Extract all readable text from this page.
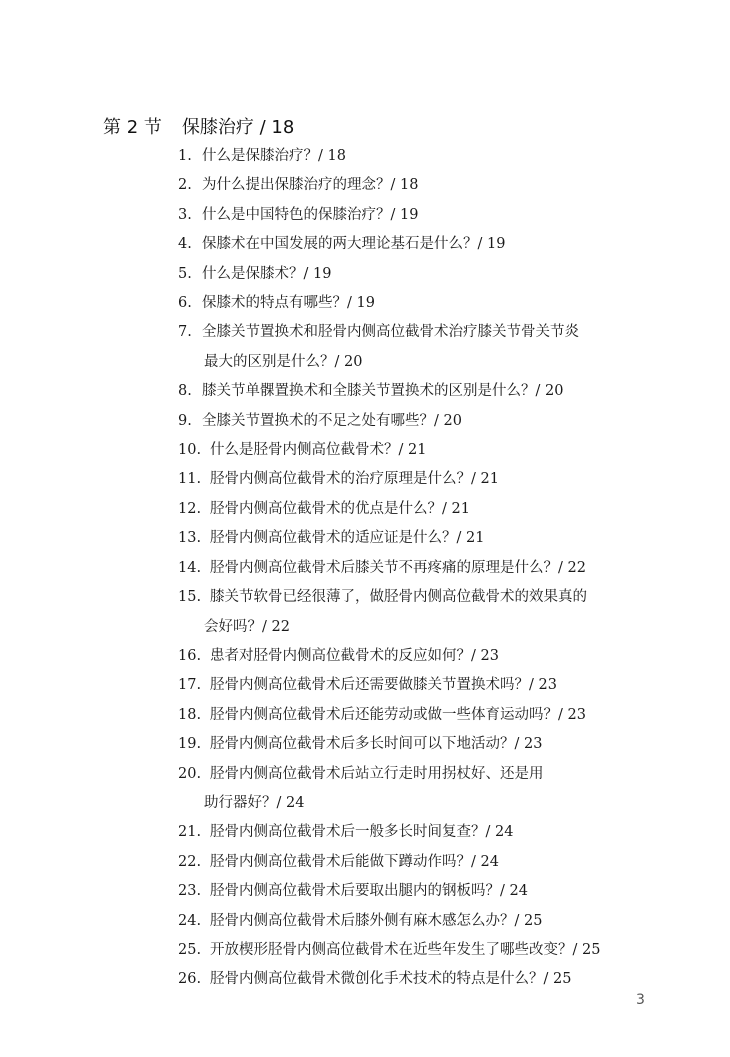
第 2 节 保膝治疗 / 18
1. 什么是保膝治疗？/ 18
2. 为什么提出保膝治疗的理念？/ 18
3. 什么是中国特色的保膝治疗？/ 19
4. 保膝术在中国发展的两大理论基石是什么？/ 19
5. 什么是保膝术？/ 19
6. 保膝术的特点有哪些？/ 19
7. 全膝关节置换术和胫骨内侧高位截骨术治疗膝关节骨关节炎
最大的区别是什么？/ 20
8. 膝关节单髁置换术和全膝关节置换术的区别是什么？/ 20
9. 全膝关节置换术的不足之处有哪些？/ 20
10. 什么是胫骨内侧高位截骨术？/ 21
11. 胫骨内侧高位截骨术的治疗原理是什么？/ 21
12. 胫骨内侧高位截骨术的优点是什么？/ 21
13. 胫骨内侧高位截骨术的适应证是什么？/ 21
14. 胫骨内侧高位截骨术后膝关节不再疼痛的原理是什么？/ 22
15. 膝关节软骨已经很薄了，做胫骨内侧高位截骨术的效果真的
会好吗？/ 22
16. 患者对胫骨内侧高位截骨术的反应如何？/ 23
17. 胫骨内侧高位截骨术后还需要做膝关节置换术吗？/ 23
18. 胫骨内侧高位截骨术后还能劳动或做一些体育运动吗？/ 23
19. 胫骨内侧高位截骨术后多长时间可以下地活动？/ 23
20. 胫骨内侧高位截骨术后站立行走时用拐杖好、还是用
助行器好？/ 24
21. 胫骨内侧高位截骨术后一般多长时间复查？/ 24
22. 胫骨内侧高位截骨术后能做下蹲动作吗？/ 24
23. 胫骨内侧高位截骨术后要取出腿内的钢板吗？/ 24
24. 胫骨内侧高位截骨术后膝外侧有麻木感怎么办？/ 25
25. 开放楔形胫骨内侧高位截骨术在近些年发生了哪些改变？/ 25
26. 胫骨内侧高位截骨术微创化手术技术的特点是什么？/ 25
3
